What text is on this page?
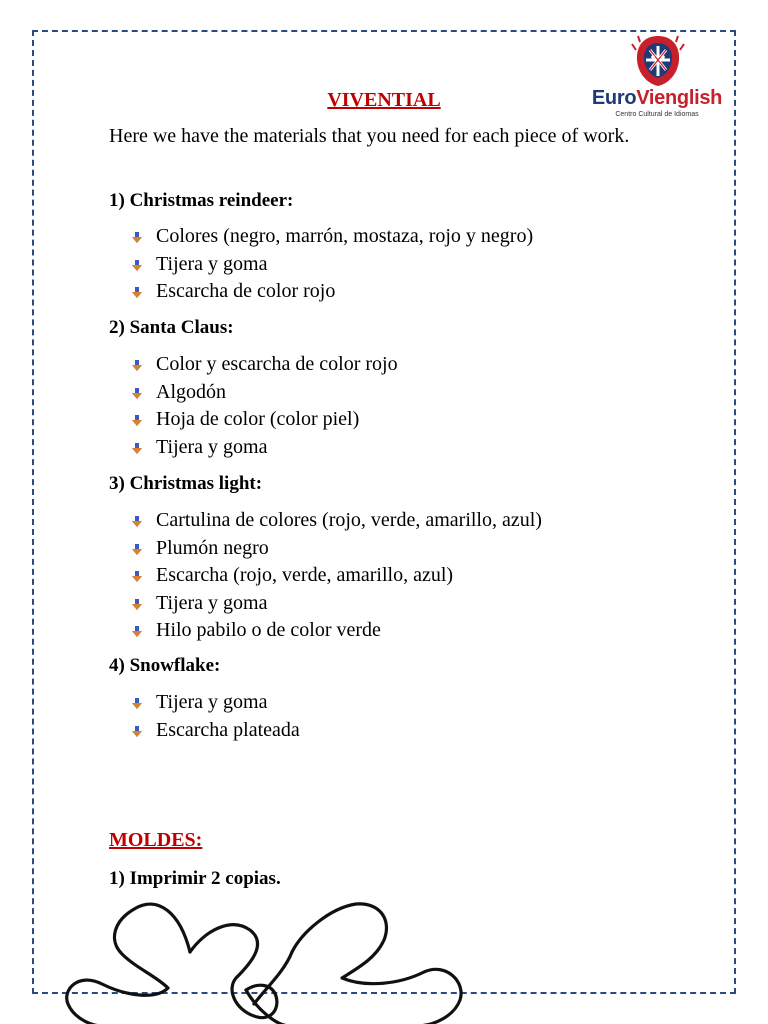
EuroVienglish
Centro Cultural de Idiomas
VIVENTIAL
Here we have the materials that you need for each piece of work.
1) Christmas reindeer:
Colores (negro, marrón, mostaza, rojo y negro)
Tijera y goma
Escarcha de color rojo
2) Santa Claus:
Color y escarcha de color rojo
Algodón
Hoja de color (color piel)
Tijera y goma
3) Christmas light:
Cartulina de colores (rojo, verde, amarillo, azul)
Plumón negro
Escarcha (rojo, verde, amarillo, azul)
Tijera y goma
Hilo pabilo o de color verde
4) Snowflake:
Tijera y goma
Escarcha plateada
MOLDES:
1) Imprimir 2 copias.
